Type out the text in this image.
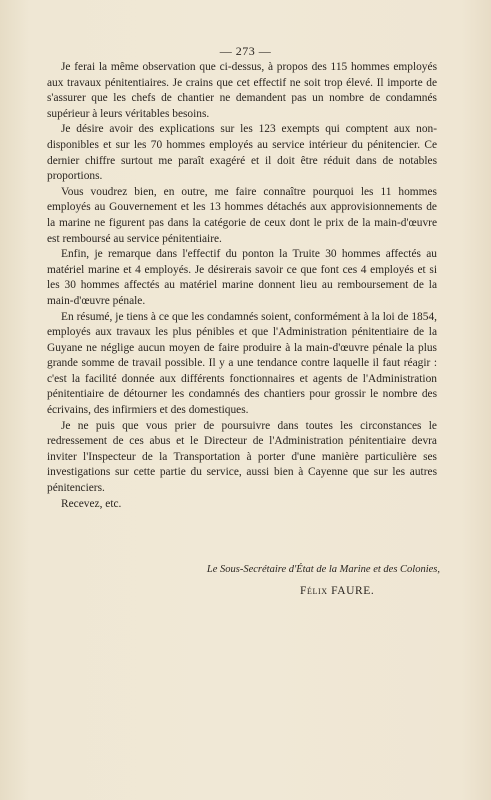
— 273 —

Je ferai la même observation que ci-dessus, à propos des 115 hommes employés aux travaux pénitentiaires. Je crains que cet effectif ne soit trop élevé. Il importe de s'assurer que les chefs de chantier ne demandent pas un nombre de condamnés supérieur à leurs véritables besoins.

Je désire avoir des explications sur les 123 exempts qui comptent aux non-disponibles et sur les 70 hommes employés au service intérieur du pénitencier. Ce dernier chiffre surtout me paraît exagéré et il doit être réduit dans de notables proportions.

Vous voudrez bien, en outre, me faire connaître pourquoi les 11 hommes employés au Gouvernement et les 13 hommes détachés aux approvisionnements de la marine ne figurent pas dans la catégorie de ceux dont le prix de la main-d'œuvre est remboursé au service pénitentiaire.

Enfin, je remarque dans l'effectif du ponton la Truite 30 hommes affectés au matériel marine et 4 employés. Je désirerais savoir ce que font ces 4 employés et si les 30 hommes affectés au matériel marine donnent lieu au remboursement de la main-d'œuvre pénale.

En résumé, je tiens à ce que les condamnés soient, conformément à la loi de 1854, employés aux travaux les plus pénibles et que l'Administration pénitentiaire de la Guyane ne néglige aucun moyen de faire produire à la main-d'œuvre pénale la plus grande somme de travail possible. Il y a une tendance contre laquelle il faut réagir : c'est la facilité donnée aux différents fonctionnaires et agents de l'Administration pénitentiaire de détourner les condamnés des chantiers pour grossir le nombre des écrivains, des infirmiers et des domestiques.

Je ne puis que vous prier de poursuivre dans toutes les circonstances le redressement de ces abus et le Directeur de l'Administration pénitentiaire devra inviter l'Inspecteur de la Transportation à porter d'une manière particulière ses investigations sur cette partie du service, aussi bien à Cayenne que sur les autres pénitenciers.

Recevez, etc.

Le Sous-Secrétaire d'État de la Marine et des Colonies,
Félix FAURE.
